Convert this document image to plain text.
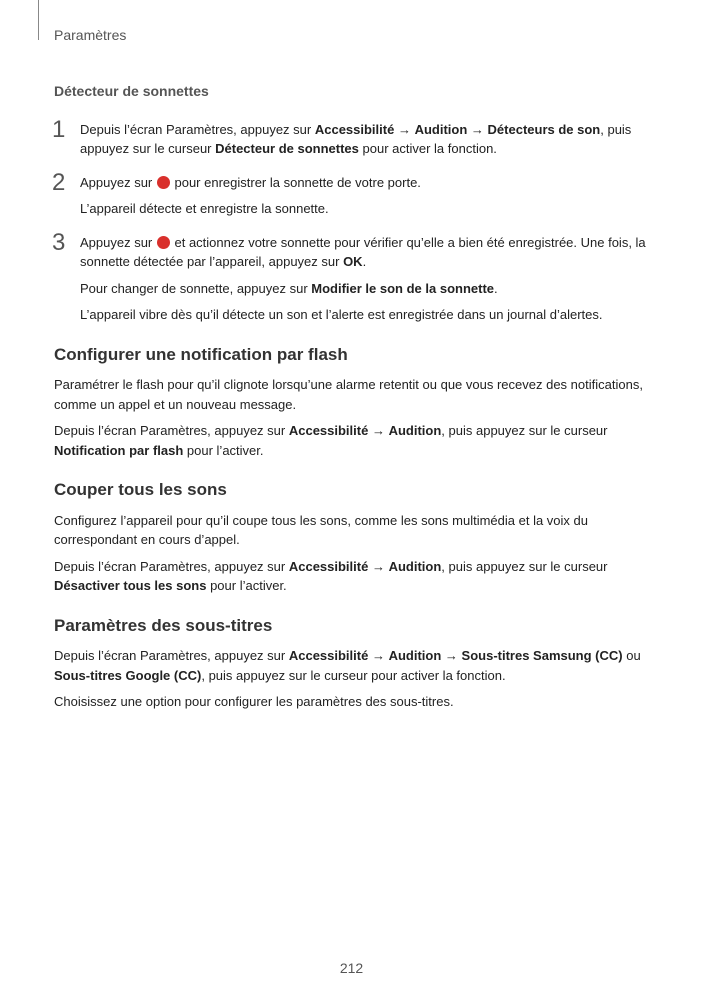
Paramètres
Détecteur de sonnettes
1 Depuis l’écran Paramètres, appuyez sur Accessibilité → Audition → Détecteurs de son, puis appuyez sur le curseur Détecteur de sonnettes pour activer la fonction.

2 Appuyez sur  pour enregistrer la sonnette de votre porte.

L’appareil détecte et enregistre la sonnette.

3 Appuyez sur  et actionnez votre sonnette pour vérifier qu’elle a bien été enregistrée. Une fois, la sonnette détectée par l’appareil, appuyez sur OK.

Pour changer de sonnette, appuyez sur Modifier le son de la sonnette.

L’appareil vibre dès qu’il détecte un son et l’alerte est enregistrée dans un journal d’alertes.

Configurer une notification par flash

Paramétrer le flash pour qu’il clignote lorsqu’une alarme retentit ou que vous recevez des notifications, comme un appel et un nouveau message.

Depuis l’écran Paramètres, appuyez sur Accessibilité → Audition, puis appuyez sur le curseur Notification par flash pour l’activer.

Couper tous les sons

Configurez l’appareil pour qu’il coupe tous les sons, comme les sons multimédia et la voix du correspondant en cours d’appel.

Depuis l’écran Paramètres, appuyez sur Accessibilité → Audition, puis appuyez sur le curseur Désactiver tous les sons pour l’activer.

Paramètres des sous-titres

Depuis l’écran Paramètres, appuyez sur Accessibilité → Audition → Sous-titres Samsung (CC) ou Sous-titres Google (CC), puis appuyez sur le curseur pour activer la fonction.

Choisissez une option pour configurer les paramètres des sous-titres.

212
